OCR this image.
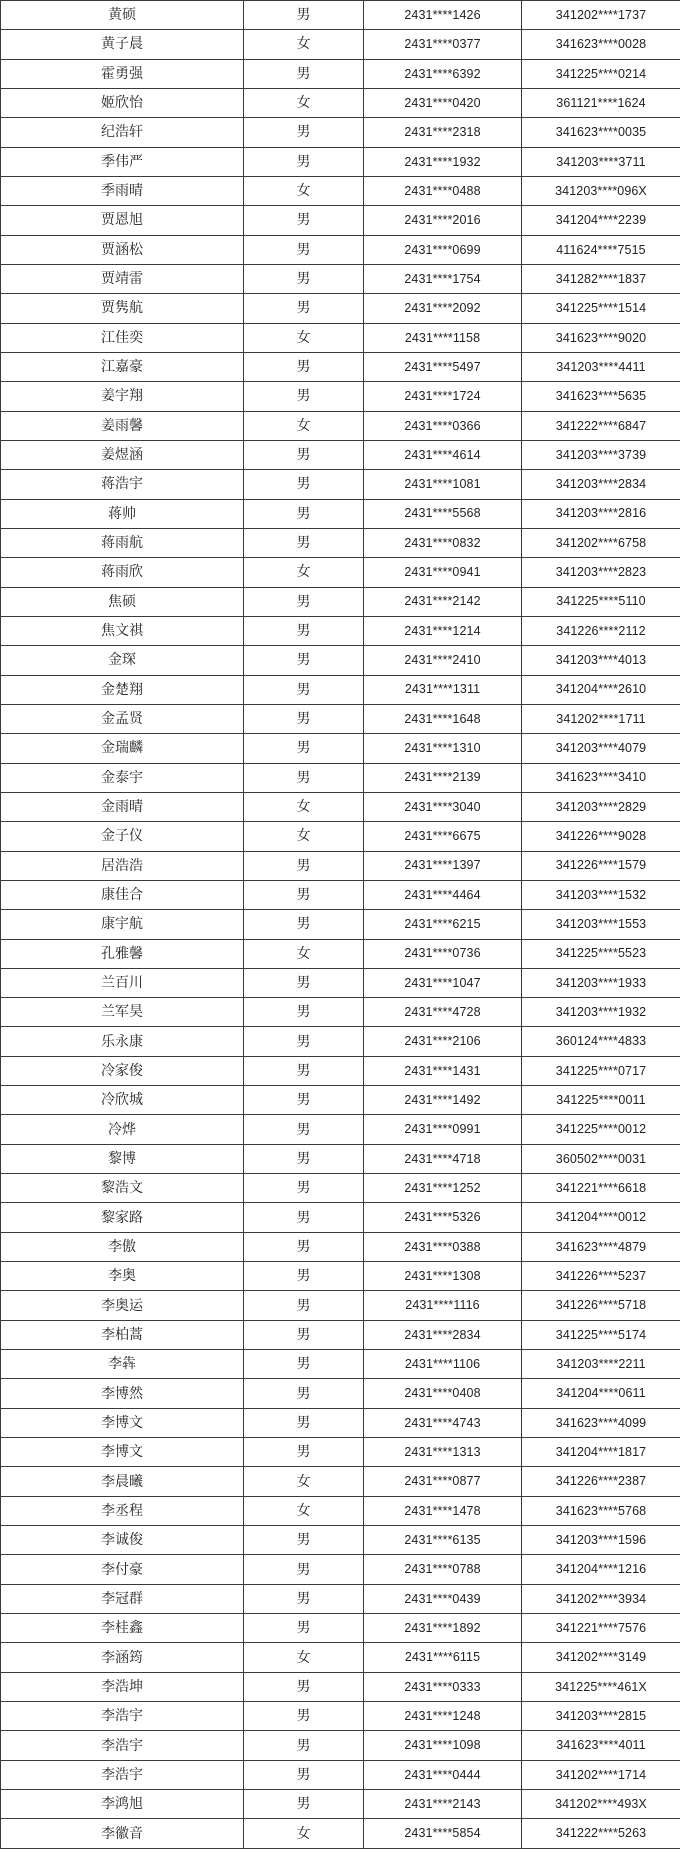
黄硕	男	2431****1426	341202****1737
黄子晨	女	2431****0377	341623****0028
霍勇强	男	2431****6392	341225****0214
姬欣怡	女	2431****0420	361121****1624
纪浩轩	男	2431****2318	341623****0035
季伟严	男	2431****1932	341203****3711
季雨晴	女	2431****0488	341203****096X
贾恩旭	男	2431****2016	341204****2239
贾涵松	男	2431****0699	411624****7515
贾靖雷	男	2431****1754	341282****1837
贾隽航	男	2431****2092	341225****1514
江佳奕	女	2431****1158	341623****9020
江嘉豪	男	2431****5497	341203****4411
姜宇翔	男	2431****1724	341623****5635
姜雨馨	女	2431****0366	341222****6847
姜煜涵	男	2431****4614	341203****3739
蒋浩宇	男	2431****1081	341203****2834
蒋帅	男	2431****5568	341203****2816
蒋雨航	男	2431****0832	341202****6758
蒋雨欣	女	2431****0941	341203****2823
焦硕	男	2431****2142	341225****5110
焦文祺	男	2431****1214	341226****2112
金琛	男	2431****2410	341203****4013
金楚翔	男	2431****1311	341204****2610
金孟贤	男	2431****1648	341202****1711
金瑞麟	男	2431****1310	341203****4079
金泰宇	男	2431****2139	341623****3410
金雨晴	女	2431****3040	341203****2829
金子仪	女	2431****6675	341226****9028
居浩浩	男	2431****1397	341226****1579
康佳合	男	2431****4464	341203****1532
康宇航	男	2431****6215	341203****1553
孔雅馨	女	2431****0736	341225****5523
兰百川	男	2431****1047	341203****1933
兰军昊	男	2431****4728	341203****1932
乐永康	男	2431****2106	360124****4833
冷家俊	男	2431****1431	341225****0717
冷欣城	男	2431****1492	341225****0011
冷烨	男	2431****0991	341225****0012
黎博	男	2431****4718	360502****0031
黎浩文	男	2431****1252	341221****6618
黎家路	男	2431****5326	341204****0012
李傲	男	2431****0388	341623****4879
李奥	男	2431****1308	341226****5237
李奥运	男	2431****1116	341226****5718
李柏蒿	男	2431****2834	341225****5174
李犇	男	2431****1106	341203****2211
李博然	男	2431****0408	341204****0611
李博文	男	2431****4743	341623****4099
李博文	男	2431****1313	341204****1817
李晨曦	女	2431****0877	341226****2387
李丞程	女	2431****1478	341623****5768
李诚俊	男	2431****6135	341203****1596
李付豪	男	2431****0788	341204****1216
李冠群	男	2431****0439	341202****3934
李桂鑫	男	2431****1892	341221****7576
李涵筠	女	2431****6115	341202****3149
李浩坤	男	2431****0333	341225****461X
李浩宇	男	2431****1248	341203****2815
李浩宇	男	2431****1098	341623****4011
李浩宇	男	2431****0444	341202****1714
李鸿旭	男	2431****2143	341202****493X
李徽音	女	2431****5854	341222****5263
